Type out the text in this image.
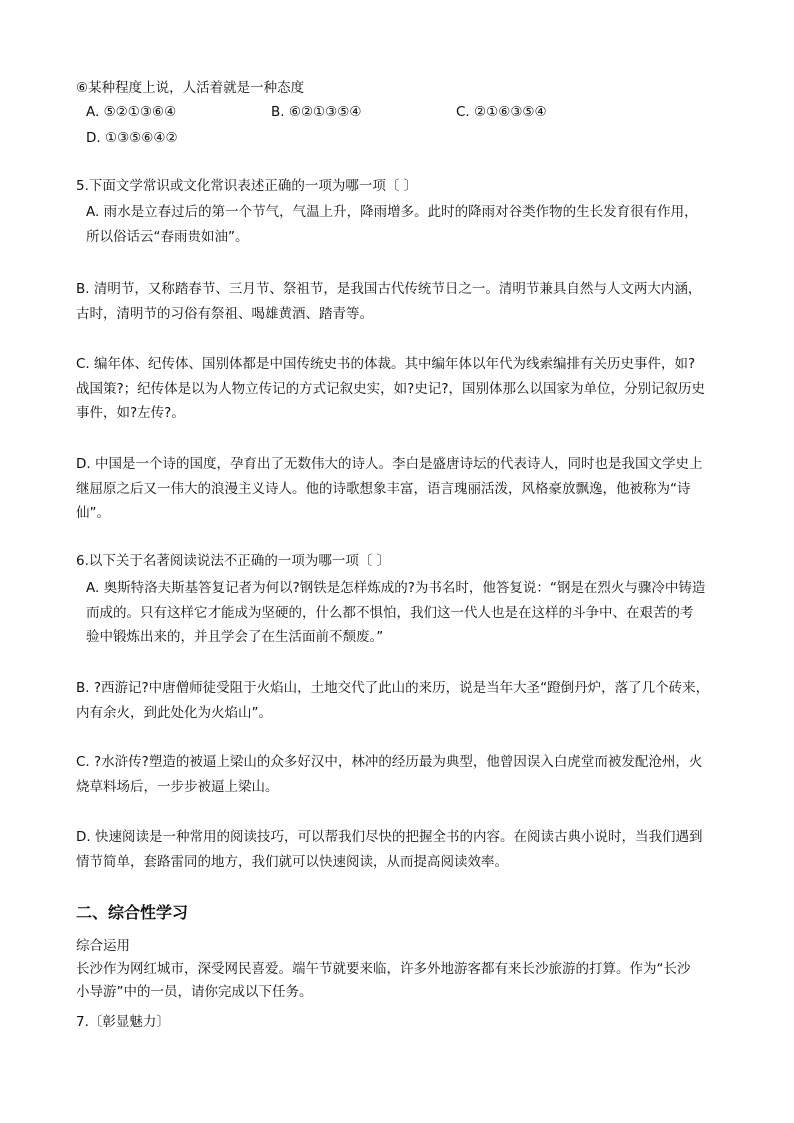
⑥某种程度上说，人活着就是一种态度
A. ⑤②①③⑥④	B. ⑥②①③⑤④	C. ②①⑥③⑤④
D. ①③⑤⑥④②
5.下面文学常识或文化常识表述正确的一项为哪一项〔 〕
A. 雨水是立春过后的第一个节气，气温上升，降雨增多。此时的降雨对谷类作物的生长发育很有作用，
所以俗话云“春雨贵如油”。
B. 清明节，又称踏春节、三月节、祭祖节，是我国古代传统节日之一。清明节兼具自然与人文两大内涵，
古时，清明节的习俗有祭祖、喝雄黄酒、踏青等。
C. 编年体、纪传体、国别体都是中国传统史书的体裁。其中编年体以年代为线索编排有关历史事件，如?
战国策?；纪传体是以为人物立传记的方式记叙史实，如?史记?，国别体那么以国家为单位，分别记叙历史
事件，如?左传?。
D. 中国是一个诗的国度，孕育出了无数伟大的诗人。李白是盛唐诗坛的代表诗人，同时也是我国文学史上
继屈原之后又一伟大的浪漫主义诗人。他的诗歌想象丰富，语言瑰丽活泼，风格豪放飘逸，他被称为“诗
仙”。
6.以下关于名著阅读说法不正确的一项为哪一项〔 〕
A. 奥斯特洛夫斯基答复记者为何以?钢铁是怎样炼成的?为书名时，他答复说：“钢是在烈火与骤冷中铸造
而成的。只有这样它才能成为坚硬的，什么都不惧怕，我们这一代人也是在这样的斗争中、在艰苦的考
验中锻炼出来的，并且学会了在生活面前不颓废。”
B. ?西游记?中唐僧师徒受阻于火焰山，土地交代了此山的来历，说是当年大圣“蹬倒丹炉，落了几个砖来，
内有余火，到此处化为火焰山”。
C. ?水浒传?塑造的被逼上梁山的众多好汉中，林冲的经历最为典型，他曾因误入白虎堂而被发配沧州，火
烧草料场后，一步步被逼上梁山。
D. 快速阅读是一种常用的阅读技巧，可以帮我们尽快的把握全书的内容。在阅读古典小说时，当我们遇到
情节简单，套路雷同的地方，我们就可以快速阅读，从而提高阅读效率。
二、综合性学习
综合运用
长沙作为网红城市，深受网民喜爱。端午节就要来临，许多外地游客都有来长沙旅游的打算。作为“长沙
小导游”中的一员，请你完成以下任务。
7.〔彰显魅力〕
